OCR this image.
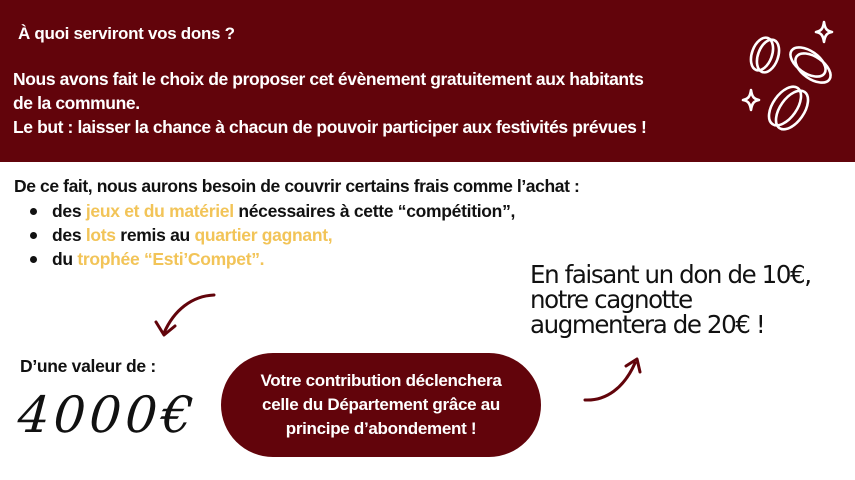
À quoi serviront vos dons ?
Nous avons fait le choix de proposer cet évènement gratuitement aux habitants
de la commune.
Le but : laisser la chance à chacun de pouvoir participer aux festivités prévues !
De ce fait, nous aurons besoin de couvrir certains frais comme l’achat :
des jeux et du matériel nécessaires à cette “compétition”,
des lots remis au quartier gagnant,
du trophée “Esti’Compet”.
En faisant un don de 10€,
notre cagnotte
augmentera de 20€ !
D’une valeur de :
4000€
Votre contribution déclenchera
celle du Département grâce au
principe d’abondement !
